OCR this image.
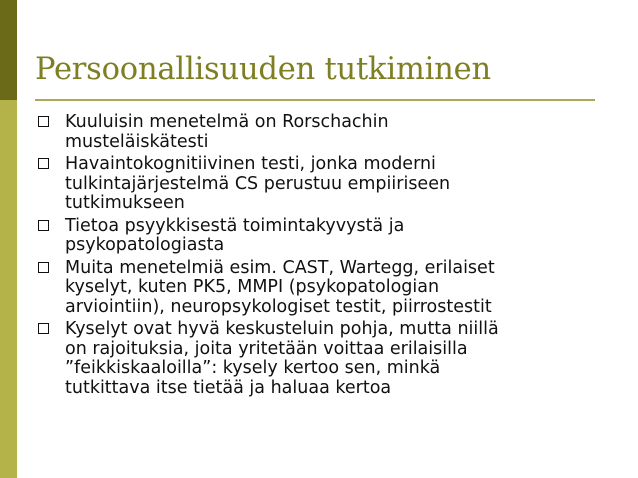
Persoonallisuuden tutkiminen
Kuuluisin menetelmä on Rorschachin
musteläiskätesti
Havaintokognitiivinen testi, jonka moderni
tulkintajärjestelmä CS perustuu empiiriseen
tutkimukseen
Tietoa psyykkisestä toimintakyvystä ja
psykopatologiasta
Muita menetelmiä esim. CAST, Wartegg, erilaiset
kyselyt, kuten PK5, MMPI (psykopatologian
arviointiin), neuropsykologiset testit, piirrostestit
Kyselyt ovat hyvä keskusteluin pohja, mutta niillä
on rajoituksia, joita yritetään voittaa erilaisilla
”feikkiskaaloilla”: kysely kertoo sen, minkä
tutkittava itse tietää ja haluaa kertoa
